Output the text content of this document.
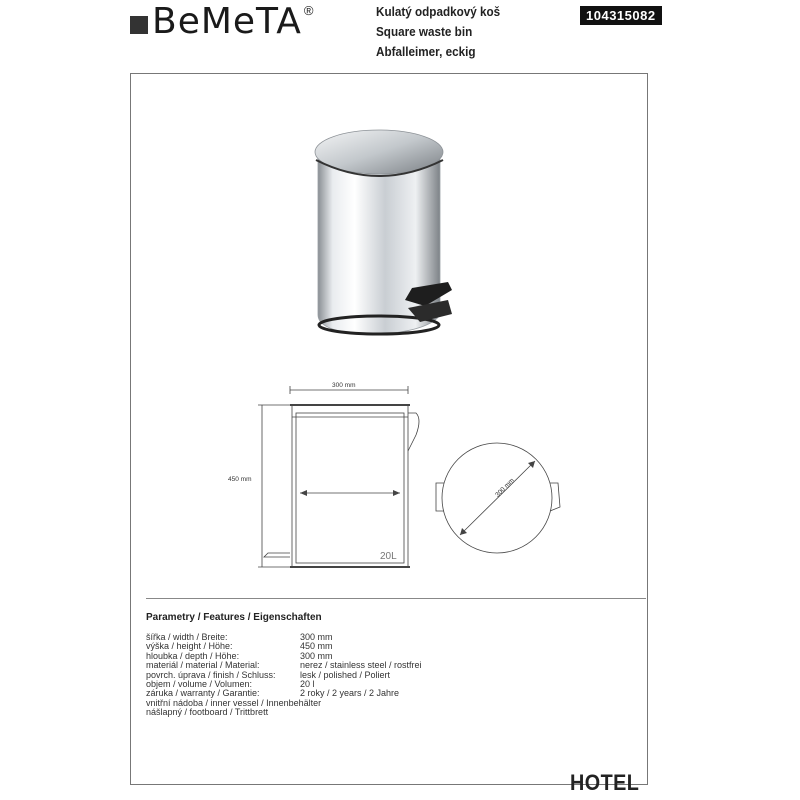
BeMeTA ®	Kulatý odpadkový koš
Square waste bin
Abfalleimer, eckig
104315082
300 mm
450 mm	300 mm
20L
Parametry / Features / Eigenschaften
šířka / width / Breite:	300 mm
výška / height / Höhe:	450 mm
hloubka / depth / Höhe:	300 mm
materiál / material / Material:	nerez / stainless steel / rostfrei
povrch. úprava / finish / Schluss:	lesk / polished / Poliert
objem / volume / Volumen:	20 l
záruka / warranty / Garantie:	2 roky / 2 years / 2 Jahre
vnitřní nádoba / inner vessel / Innenbehälter
nášlapný / footboard / Trittbrett
HOTEL
